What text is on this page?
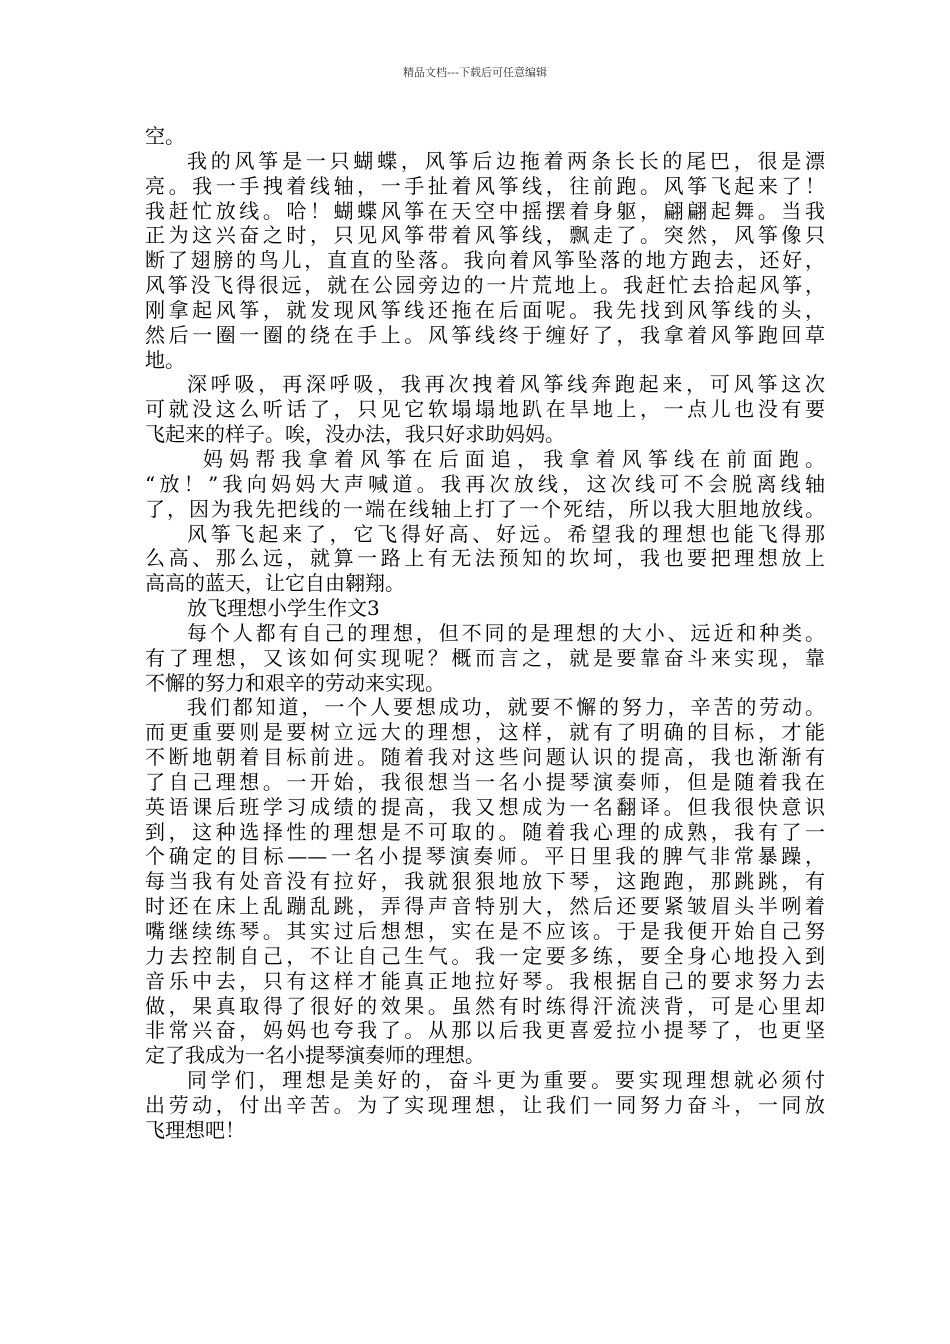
精品文档---下载后可任意编辑
空。
我的风筝是一只蝴蝶，风筝后边拖着两条长长的尾巴，很是漂
亮。我一手拽着线轴，一手扯着风筝线，往前跑。风筝飞起来了！
我赶忙放线。哈！蝴蝶风筝在天空中摇摆着身躯，翩翩起舞。当我
正为这兴奋之时，只见风筝带着风筝线，飘走了。突然，风筝像只
断了翅膀的鸟儿，直直的坠落。我向着风筝坠落的地方跑去，还好，
风筝没飞得很远，就在公园旁边的一片荒地上。我赶忙去拾起风筝，
刚拿起风筝，就发现风筝线还拖在后面呢。我先找到风筝线的头，
然后一圈一圈的绕在手上。风筝线终于缠好了，我拿着风筝跑回草
地。
深呼吸，再深呼吸，我再次拽着风筝线奔跑起来，可风筝这次
可就没这么听话了，只见它软塌塌地趴在旱地上，一点儿也没有要
飞起来的样子。唉，没办法，我只好求助妈妈。
妈妈帮我拿着风筝在后面追，我拿着风筝线在前面跑。
“放！”我向妈妈大声喊道。我再次放线，这次线可不会脱离线轴
了，因为我先把线的一端在线轴上打了一个死结，所以我大胆地放线。
风筝飞起来了，它飞得好高、好远。希望我的理想也能飞得那
么高、那么远，就算一路上有无法预知的坎坷，我也要把理想放上
高高的蓝天，让它自由翱翔。
放飞理想小学生作文3
每个人都有自己的理想，但不同的是理想的大小、远近和种类。
有了理想，又该如何实现呢？概而言之，就是要靠奋斗来实现，靠
不懈的努力和艰辛的劳动来实现。
我们都知道，一个人要想成功，就要不懈的努力，辛苦的劳动。
而更重要则是要树立远大的理想，这样，就有了明确的目标，才能
不断地朝着目标前进。随着我对这些问题认识的提高，我也渐渐有
了自己理想。一开始，我很想当一名小提琴演奏师，但是随着我在
英语课后班学习成绩的提高，我又想成为一名翻译。但我很快意识
到，这种选择性的理想是不可取的。随着我心理的成熟，我有了一
个确定的目标——一名小提琴演奏师。平日里我的脾气非常暴躁，
每当我有处音没有拉好，我就狠狠地放下琴，这跑跑，那跳跳，有
时还在床上乱蹦乱跳，弄得声音特别大，然后还要紧皱眉头半咧着
嘴继续练琴。其实过后想想，实在是不应该。于是我便开始自己努
力去控制自己，不让自己生气。我一定要多练，要全身心地投入到
音乐中去，只有这样才能真正地拉好琴。我根据自己的要求努力去
做，果真取得了很好的效果。虽然有时练得汗流浃背，可是心里却
非常兴奋，妈妈也夸我了。从那以后我更喜爱拉小提琴了，也更坚
定了我成为一名小提琴演奏师的理想。
同学们，理想是美好的，奋斗更为重要。要实现理想就必须付
出劳动，付出辛苦。为了实现理想，让我们一同努力奋斗，一同放
飞理想吧！
